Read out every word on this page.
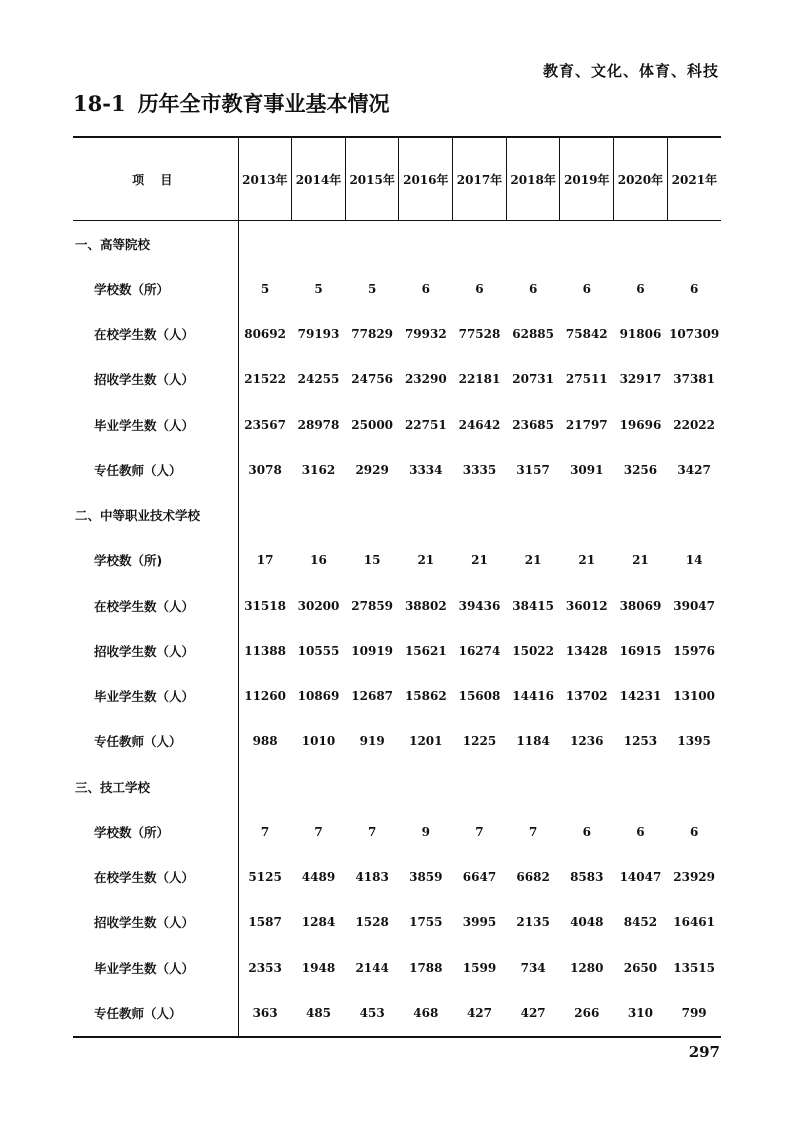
教育、文化、体育、科技
18-1 历年全市教育事业基本情况
项 目	2013年	2014年	2015年	2016年	2017年	2018年	2019年	2020年	2021年
一、高等院校									
学校数（所）	5	5	5	6	6	6	6	6	6
在校学生数（人）	80692	79193	77829	79932	77528	62885	75842	91806	107309
招收学生数（人）	21522	24255	24756	23290	22181	20731	27511	32917	37381
毕业学生数（人）	23567	28978	25000	22751	24642	23685	21797	19696	22022
专任教师（人）	3078	3162	2929	3334	3335	3157	3091	3256	3427
二、中等职业技术学校									
学校数（所)	17	16	15	21	21	21	21	21	14
在校学生数（人）	31518	30200	27859	38802	39436	38415	36012	38069	39047
招收学生数（人）	11388	10555	10919	15621	16274	15022	13428	16915	15976
毕业学生数（人）	11260	10869	12687	15862	15608	14416	13702	14231	13100
专任教师（人）	988	1010	919	1201	1225	1184	1236	1253	1395
三、技工学校									
学校数（所）	7	7	7	9	7	7	6	6	6
在校学生数（人）	5125	4489	4183	3859	6647	6682	8583	14047	23929
招收学生数（人）	1587	1284	1528	1755	3995	2135	4048	8452	16461
毕业学生数（人）	2353	1948	2144	1788	1599	734	1280	2650	13515
专任教师（人）	363	485	453	468	427	427	266	310	799
297
